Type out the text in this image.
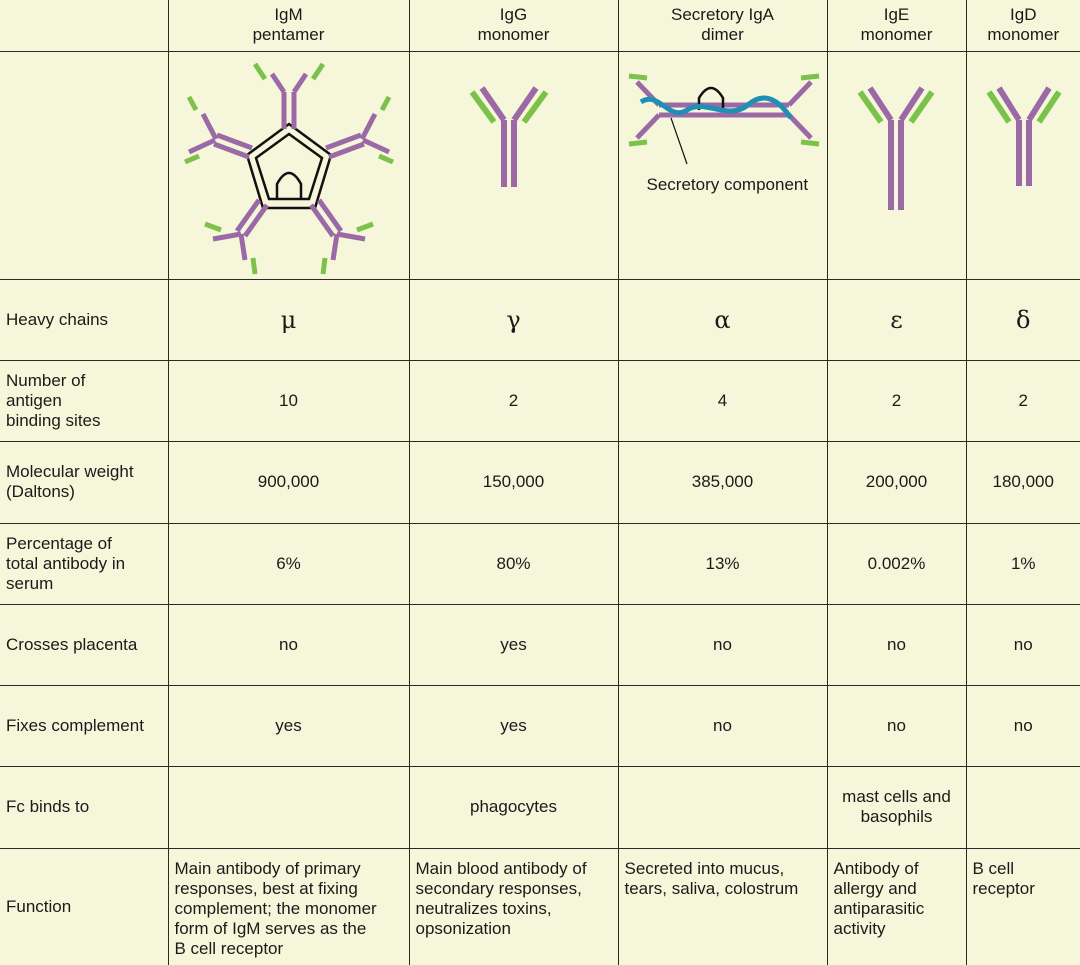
	IgM
pentamer	IgG
monomer	Secretory IgA
dimer	IgE
monomer	IgD
monomer

Secretory component

Heavy chains	μ	γ	α	ε	δ
Number of
antigen
binding sites	10	2	4	2	2
Molecular weight
(Daltons)	900,000	150,000	385,000	200,000	180,000
Percentage of
total antibody in
serum	6%	80%	13%	0.002%	1%
Crosses placenta	no	yes	no	no	no
Fixes complement	yes	yes	no	no	no
Fc binds to		phagocytes		mast cells and
basophils	
Function	Main antibody of primary
responses, best at fixing
complement; the monomer
form of IgM serves as the
B cell receptor	Main blood antibody of
secondary responses,
neutralizes toxins,
opsonization	Secreted into mucus,
tears, saliva, colostrum	Antibody of
allergy and
antiparasitic
activity	B cell
receptor
